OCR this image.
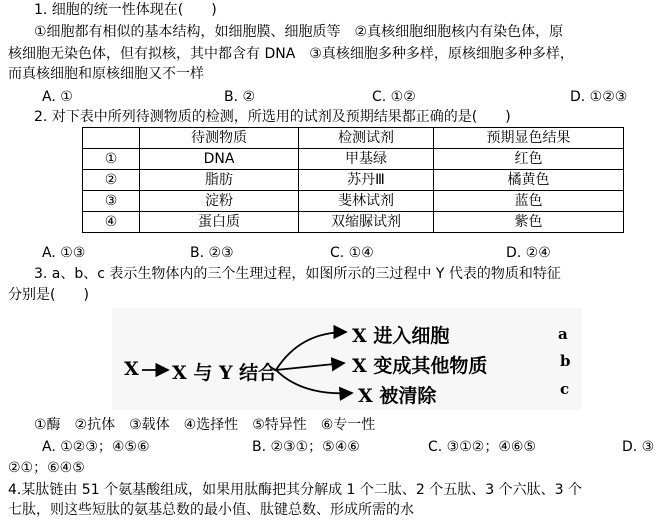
1. 细胞的统一性体现在(　　)
①细胞都有相似的基本结构，如细胞膜、细胞质等　②真核细胞细胞核内有染色体，原
核细胞无染色体，但有拟核，其中都含有 DNA　③真核细胞多种多样，原核细胞多种多样，
而真核细胞和原核细胞又不一样
A. ①	B. ②	C. ①②	D. ①②③
2. 对下表中所列待测物质的检测，所选用的试剂及预期结果都正确的是(　　)
	待测物质	检测试剂	预期显色结果
①	DNA	甲基绿	红色
②	脂肪	苏丹Ⅲ	橘黄色
③	淀粉	斐林试剂	蓝色
④	蛋白质	双缩脲试剂	紫色
A. ①③	B. ②③	C. ①④	D. ②④
3. a、b、c 表示生物体内的三个生理过程，如图所示的三过程中 Y 代表的物质和特征
分别是(　　)
X X 与 Y 结合
X 进入细胞
X 变成其他物质
X 被清除
a
b
c
①酶　②抗体　③载体　④选择性　⑤特异性　⑥专一性
A. ①②③；④⑤⑥	B. ②③①；⑤④⑥	C. ③①②；④⑥⑤	D. ③
②①；⑥④⑤
4.某肽链由 51 个氨基酸组成，如果用肽酶把其分解成 1 个二肽、2 个五肽、3 个六肽、3 个
七肽，则这些短肽的氨基总数的最小值、肽键总数、形成所需的水
